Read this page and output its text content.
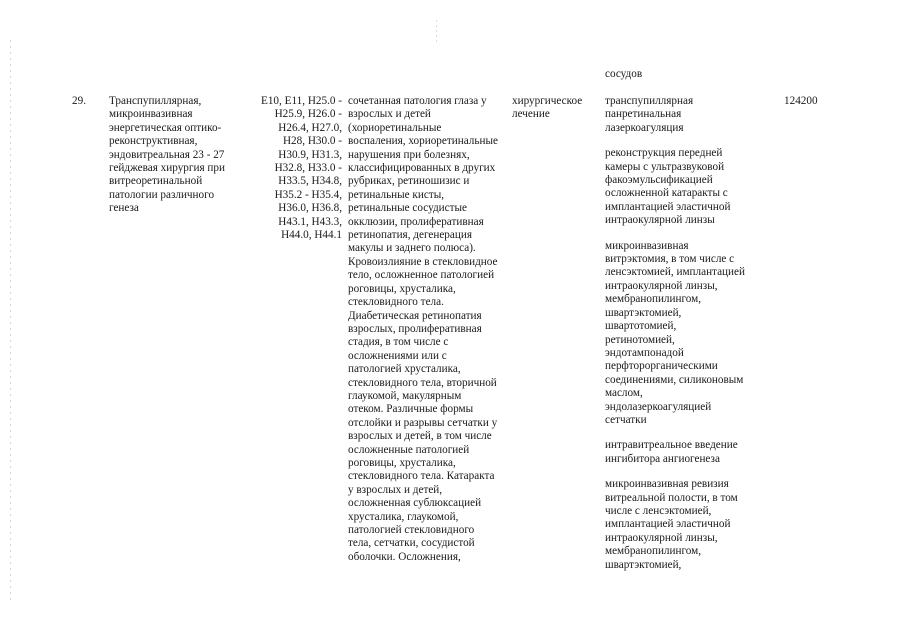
сосудов
29.	Транспупиллярная,
микроинвазивная
энергетическая оптико-
реконструктивная,
эндовитреальная 23 - 27
гейджевая хирургия при
витреоретинальной
патологии различного
генеза
E10, E11, H25.0 -
H25.9, H26.0 -
H26.4, H27.0,
H28, H30.0 -
H30.9, H31.3,
H32.8, H33.0 -
H33.5, H34.8,
H35.2 - H35.4,
H36.0, H36.8,
H43.1, H43.3,
H44.0, H44.1
сочетанная патология глаза у
взрослых и детей
(хориоретинальные
воспаления, хориоретинальные
нарушения при болезнях,
классифицированных в других
рубриках, ретиношизис и
ретинальные кисты,
ретинальные сосудистые
окклюзии, пролиферативная
ретинопатия, дегенерация
макулы и заднего полюса).
Кровоизлияние в стекловидное
тело, осложненное патологией
роговицы, хрусталика,
стекловидного тела.
Диабетическая ретинопатия
взрослых, пролиферативная
стадия, в том числе с
осложнениями или с
патологией хрусталика,
стекловидного тела, вторичной
глаукомой, макулярным
отеком. Различные формы
отслойки и разрывы сетчатки у
взрослых и детей, в том числе
осложненные патологией
роговицы, хрусталика,
стекловидного тела. Катаракта
у взрослых и детей,
осложненная сублюксацией
хрусталика, глаукомой,
патологией стекловидного
тела, сетчатки, сосудистой
оболочки. Осложнения,
хирургическое
лечение
транспупиллярная
панретинальная
лазеркоагуляция
реконструкция передней
камеры с ультразвуковой
факоэмульсификацией
осложненной катаракты с
имплантацией эластичной
интраокулярной линзы
микроинвазивная
витрэктомия, в том числе с
ленсэктомией, имплантацией
интраокулярной линзы,
мембранопилингом,
швартэктомией,
швартотомией,
ретинотомией,
эндотампонадой
перфторорганическими
соединениями, силиконовым
маслом,
эндолазеркоагуляцией
сетчатки
интравитреальное введение
ингибитора ангиогенеза
микроинвазивная ревизия
витреальной полости, в том
числе с ленсэктомией,
имплантацией эластичной
интраокулярной линзы,
мембранопилингом,
швартэктомией,
124200
